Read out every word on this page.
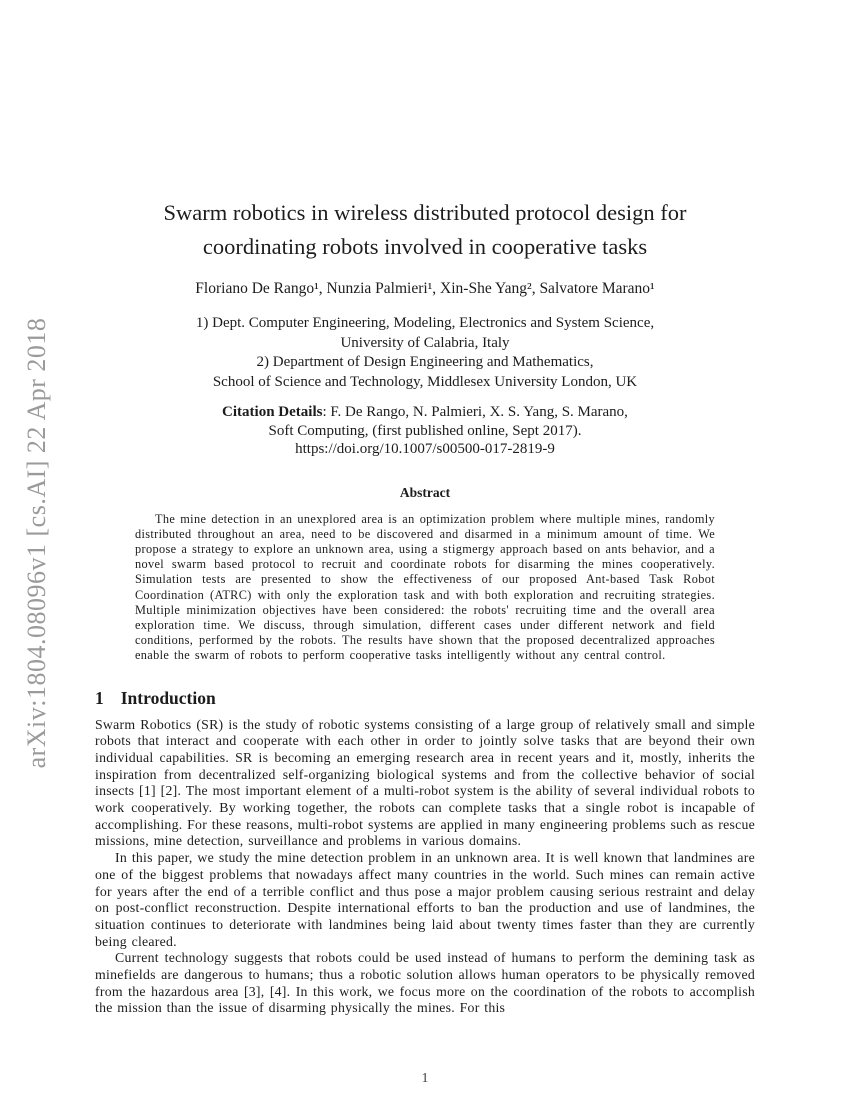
arXiv:1804.08096v1 [cs.AI] 22 Apr 2018
Swarm robotics in wireless distributed protocol design for coordinating robots involved in cooperative tasks
Floriano De Rango¹, Nunzia Palmieri¹, Xin-She Yang², Salvatore Marano¹
1) Dept. Computer Engineering, Modeling, Electronics and System Science,
University of Calabria, Italy
2) Department of Design Engineering and Mathematics,
School of Science and Technology, Middlesex University London, UK
Citation Details: F. De Rango, N. Palmieri, X. S. Yang, S. Marano,
Soft Computing, (first published online, Sept 2017).
https://doi.org/10.1007/s00500-017-2819-9
Abstract
The mine detection in an unexplored area is an optimization problem where multiple mines, randomly distributed throughout an area, need to be discovered and disarmed in a minimum amount of time. We propose a strategy to explore an unknown area, using a stigmergy approach based on ants behavior, and a novel swarm based protocol to recruit and coordinate robots for disarming the mines cooperatively. Simulation tests are presented to show the effectiveness of our proposed Ant-based Task Robot Coordination (ATRC) with only the exploration task and with both exploration and recruiting strategies. Multiple minimization objectives have been considered: the robots' recruiting time and the overall area exploration time. We discuss, through simulation, different cases under different network and field conditions, performed by the robots. The results have shown that the proposed decentralized approaches enable the swarm of robots to perform cooperative tasks intelligently without any central control.
1 Introduction

Swarm Robotics (SR) is the study of robotic systems consisting of a large group of relatively small and simple robots that interact and cooperate with each other in order to jointly solve tasks that are beyond their own individual capabilities. SR is becoming an emerging research area in recent years and it, mostly, inherits the inspiration from decentralized self-organizing biological systems and from the collective behavior of social insects [1] [2]. The most important element of a multi-robot system is the ability of several individual robots to work cooperatively. By working together, the robots can complete tasks that a single robot is incapable of accomplishing. For these reasons, multi-robot systems are applied in many engineering problems such as rescue missions, mine detection, surveillance and problems in various domains.

In this paper, we study the mine detection problem in an unknown area. It is well known that landmines are one of the biggest problems that nowadays affect many countries in the world. Such mines can remain active for years after the end of a terrible conflict and thus pose a major problem causing serious restraint and delay on post-conflict reconstruction. Despite international efforts to ban the production and use of landmines, the situation continues to deteriorate with landmines being laid about twenty times faster than they are currently being cleared.

Current technology suggests that robots could be used instead of humans to perform the demining task as minefields are dangerous to humans; thus a robotic solution allows human operators to be physically removed from the hazardous area [3], [4]. In this work, we focus more on the coordination of the robots to accomplish the mission than the issue of disarming physically the mines. For this

1
